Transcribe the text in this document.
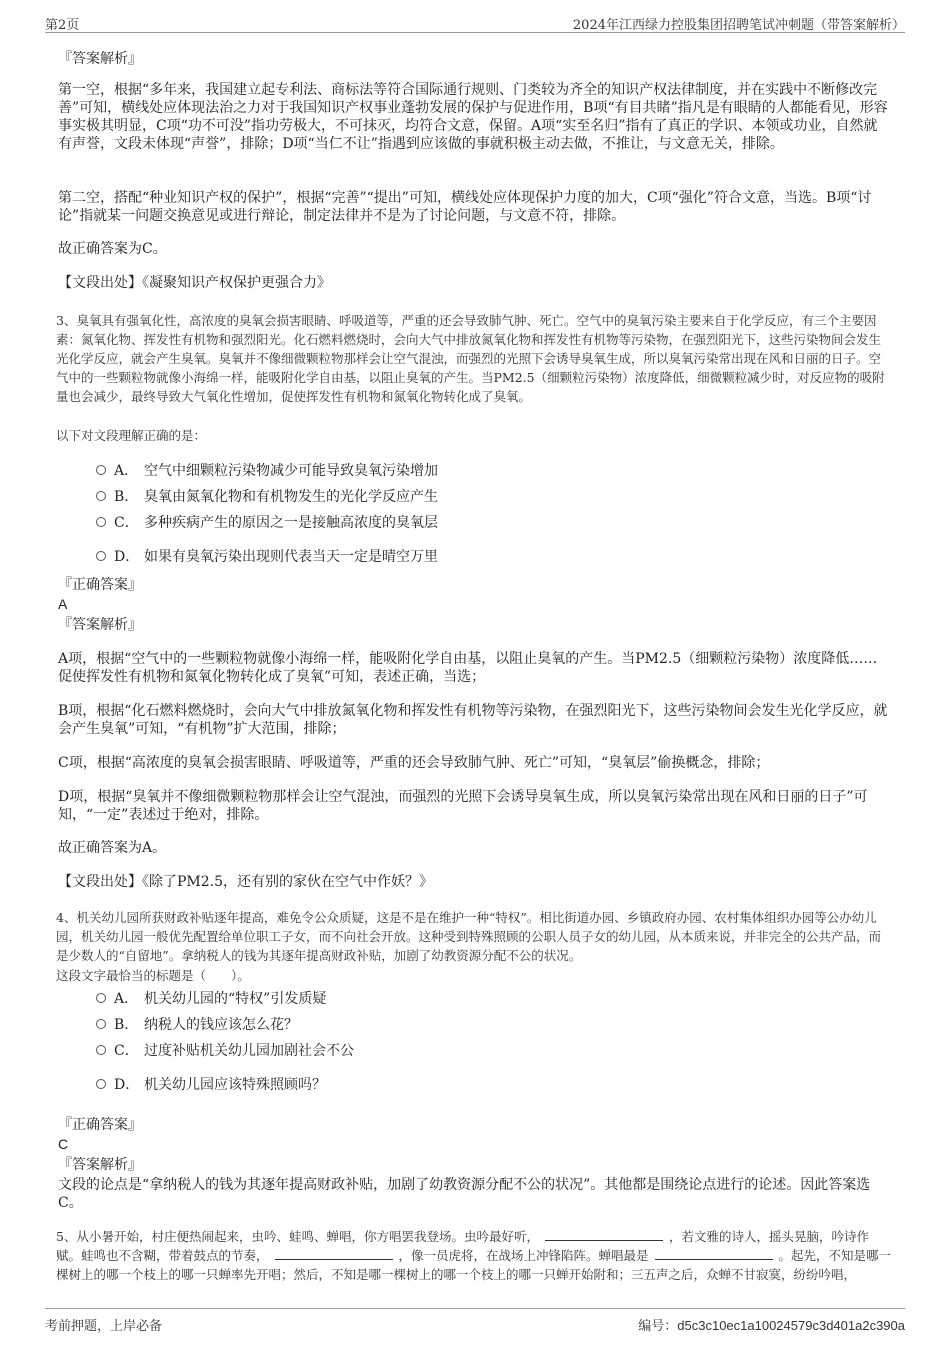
第2页	2024年江西绿力控股集团招聘笔试冲刺题（带答案解析）
『答案解析』
第一空，根据“多年来，我国建立起专利法、商标法等符合国际通行规则、门类较为齐全的知识产权法律制度，并在实践中不断修改完善”可知，横线处应体现法治之力对于我国知识产权事业蓬勃发展的保护与促进作用，B项“有目共睹”指凡是有眼睛的人都能看见，形容事实极其明显，C项“功不可没”指功劳极大，不可抹灭，均符合文意，保留。A项“实至名归”指有了真正的学识、本领或功业，自然就有声誉，文段未体现“声誉”，排除；D项“当仁不让”指遇到应该做的事就积极主动去做，不推让，与文意无关，排除。
第二空，搭配“种业知识产权的保护”，根据“完善”“提出”可知，横线处应体现保护力度的加大，C项“强化”符合文意，当选。B项“讨论”指就某一问题交换意见或进行辩论，制定法律并不是为了讨论问题，与文意不符，排除。
故正确答案为C。
【文段出处】《凝聚知识产权保护更强合力》
3、臭氧具有强氧化性，高浓度的臭氧会损害眼睛、呼吸道等，严重的还会导致肺气肿、死亡。空气中的臭氧污染主要来自于化学反应，有三个主要因素：氮氧化物、挥发性有机物和强烈阳光。化石燃料燃烧时，会向大气中排放氮氧化物和挥发性有机物等污染物，在强烈阳光下，这些污染物间会发生光化学反应，就会产生臭氧。臭氧并不像细微颗粒物那样会让空气混浊，而强烈的光照下会诱导臭氧生成，所以臭氧污染常出现在风和日丽的日子。空气中的一些颗粒物就像小海绵一样，能吸附化学自由基，以阻止臭氧的产生。当PM2.5（细颗粒污染物）浓度降低，细微颗粒减少时，对反应物的吸附量也会减少，最终导致大气氧化性增加，促使挥发性有机物和氮氧化物转化成了臭氧。
以下对文段理解正确的是：
A． 空气中细颗粒污染物减少可能导致臭氧污染增加
B． 臭氧由氮氧化物和有机物发生的光化学反应产生
C． 多种疾病产生的原因之一是接触高浓度的臭氧层
D． 如果有臭氧污染出现则代表当天一定是晴空万里
『正确答案』
A
『答案解析』
A项，根据“空气中的一些颗粒物就像小海绵一样，能吸附化学自由基，以阻止臭氧的产生。当PM2.5（细颗粒污染物）浓度降低……促使挥发性有机物和氮氧化物转化成了臭氧”可知，表述正确，当选；
B项，根据“化石燃料燃烧时，会向大气中排放氮氧化物和挥发性有机物等污染物，在强烈阳光下，这些污染物间会发生光化学反应，就会产生臭氧”可知，“有机物”扩大范围，排除；
C项，根据“高浓度的臭氧会损害眼睛、呼吸道等，严重的还会导致肺气肿、死亡”可知，“臭氧层”偷换概念，排除；
D项，根据“臭氧并不像细微颗粒物那样会让空气混浊，而强烈的光照下会诱导臭氧生成，所以臭氧污染常出现在风和日丽的日子”可知，“一定”表述过于绝对，排除。
故正确答案为A。
【文段出处】《除了PM2.5，还有别的家伙在空气中作妖？》
4、机关幼儿园所获财政补贴逐年提高，难免令公众质疑，这是不是在维护一种“特权”。相比街道办园、乡镇政府办园、农村集体组织办园等公办幼儿园，机关幼儿园一般优先配置给单位职工子女，而不向社会开放。这种受到特殊照顾的公职人员子女的幼儿园，从本质来说，并非完全的公共产品，而是少数人的“自留地”。拿纳税人的钱为其逐年提高财政补贴，加剧了幼教资源分配不公的状况。
这段文字最恰当的标题是（　　）。
A． 机关幼儿园的“特权”引发质疑
B． 纳税人的钱应该怎么花？
C． 过度补贴机关幼儿园加剧社会不公
D． 机关幼儿园应该特殊照顾吗？
『正确答案』
C
『答案解析』
文段的论点是“拿纳税人的钱为其逐年提高财政补贴，加剧了幼教资源分配不公的状况”。其他都是围绕论点进行的论述。因此答案选C。
5、从小暑开始，村庄便热闹起来，虫吟、蛙鸣、蝉唱，你方唱罢我登场。虫吟最好听，	，若文雅的诗人，摇头晃脑，吟诗作赋。蛙鸣也不含糊，带着鼓点的节奏，	，像一员虎将，在战场上冲锋陷阵。蝉唱最是	。起先，不知是哪一棵树上的哪一个枝上的哪一只蝉率先开唱；然后，不知是哪一棵树上的哪一个枝上的哪一只蝉开始附和；三五声之后，众蝉不甘寂寞，纷纷吟唱，
考前押题，上岸必备	编号：d5c3c10ec1a10024579c3d401a2c390a
